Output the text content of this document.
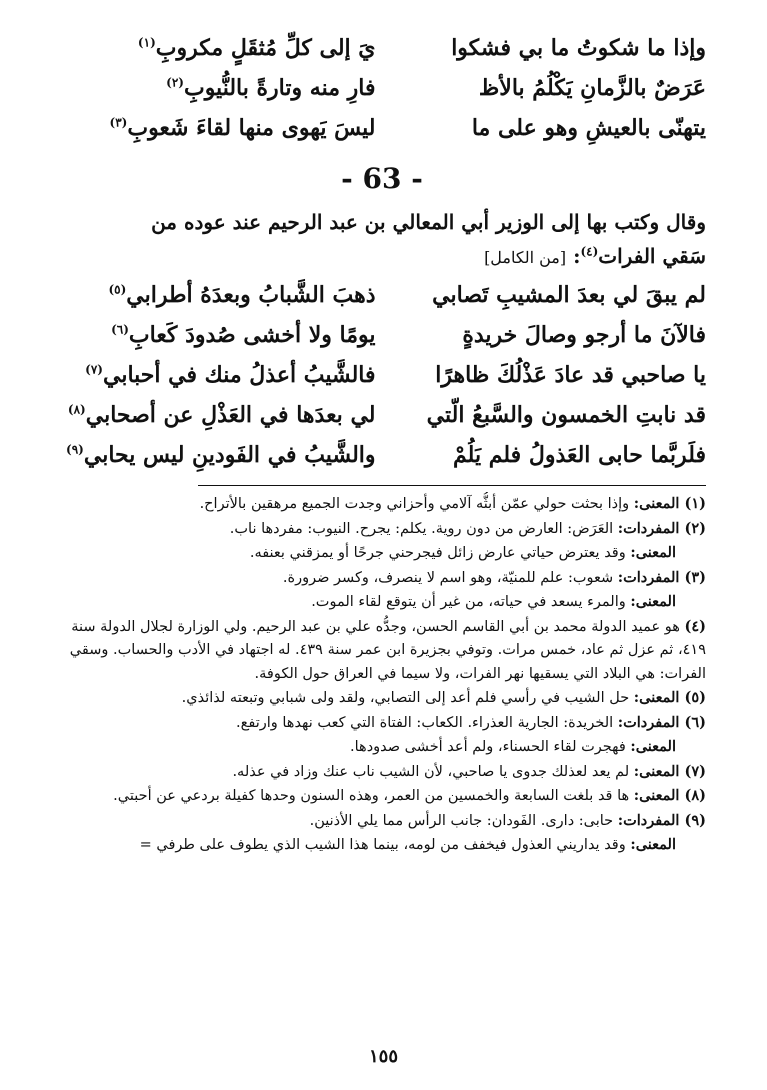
وإذا ما شكوتُ ما بي فشكوا
يَ إلى كلِّ مُثقَلٍ مكروبِ$^{(١)}$
عَرَضٌ بالزَّمانِ يَكْلُمُ بالأظ
فارِ منه وتارةً بالنُّيوبِ$^{(٢)}$
يتهنّى بالعيشِ وهو على ما
ليسَ يَهوى منها لقاءَ شَعوبِ$^{(٣)}$
- 63 -
وقال وكتب بها إلى الوزير أبي المعالي بن عبد الرحيم عند عوده من
سَقي الفرات$^{(٤)}$: [من الكامل]
لم يبقَ لي بعدَ المشيبِ تَصابي
ذهبَ الشَّبابُ وبعدَهُ أطرابي$^{(٥)}$
فالآنَ ما أرجو وصالَ خريدةٍ
يومًا ولا أخشى صُدودَ كَعابِ$^{(٦)}$
يا صاحبي قد عادَ عَذْلُكَ ظاهرًا
فالشَّيبُ أعذلُ منك في أحبابي$^{(٧)}$
قد نابتِ الخمسون والسَّبعُ الّتي
لي بعدَها في العَذْلِ عن أصحابي$^{(٨)}$
فلَربَّما حابى العَذولُ فلم يَلُمْ
والشَّيبُ في الفَودينِ ليس يحابي$^{(٩)}$
(١) المعنى: وإذا بحثت حولي عمّن أبثُّه آلامي وأحزاني وجدت الجميع مرهقين بالأتراح.
(٢) المفردات: العَرَض: العارض من دون روية. يكلم: يجرح. النيوب: مفردها ناب.
المعنى: وقد يعترض حياتي عارض زائل فيجرحني جرحًا أو يمزقني بعنفه.
(٣) المفردات: شعوب: علم للمنيّة، وهو اسم لا ينصرف، وكسر ضرورة.
المعنى: والمرء يسعد في حياته، من غير أن يتوقع لقاء الموت.
(٤) هو عميد الدولة محمد بن أبي القاسم الحسن، وجدُّه علي بن عبد الرحيم. ولي الوزارة لجلال الدولة سنة ٤١٩، ثم عزل ثم عاد، خمس مرات. وتوفي بجزيرة ابن عمر سنة ٤٣٩. له اجتهاد في الأدب والحساب. وسقي الفرات: هي البلاد التي يسقيها نهر الفرات، ولا سيما في العراق حول الكوفة.
(٥) المعنى: حل الشيب في رأسي فلم أعد إلى التصابي، ولقد ولى شبابي وتبعته لذائذي.
(٦) المفردات: الخريدة: الجارية العذراء. الكعاب: الفتاة التي كعب نهدها وارتفع.
المعنى: فهجرت لقاء الحسناء، ولم أعد أخشى صدودها.
(٧) المعنى: لم يعد لعذلك جدوى يا صاحبي، لأن الشيب ناب عنك وزاد في عذله.
(٨) المعنى: ها قد بلغت السابعة والخمسين من العمر، وهذه السنون وحدها كفيلة بردعي عن أحبتي.
(٩) المفردات: حابى: دارى. الفَودان: جانب الرأس مما يلي الأذنين.
المعنى: وقد يداريني العذول فيخفف من لومه، بينما هذا الشيب الذي يطوف على طرفي =
١٥٥
